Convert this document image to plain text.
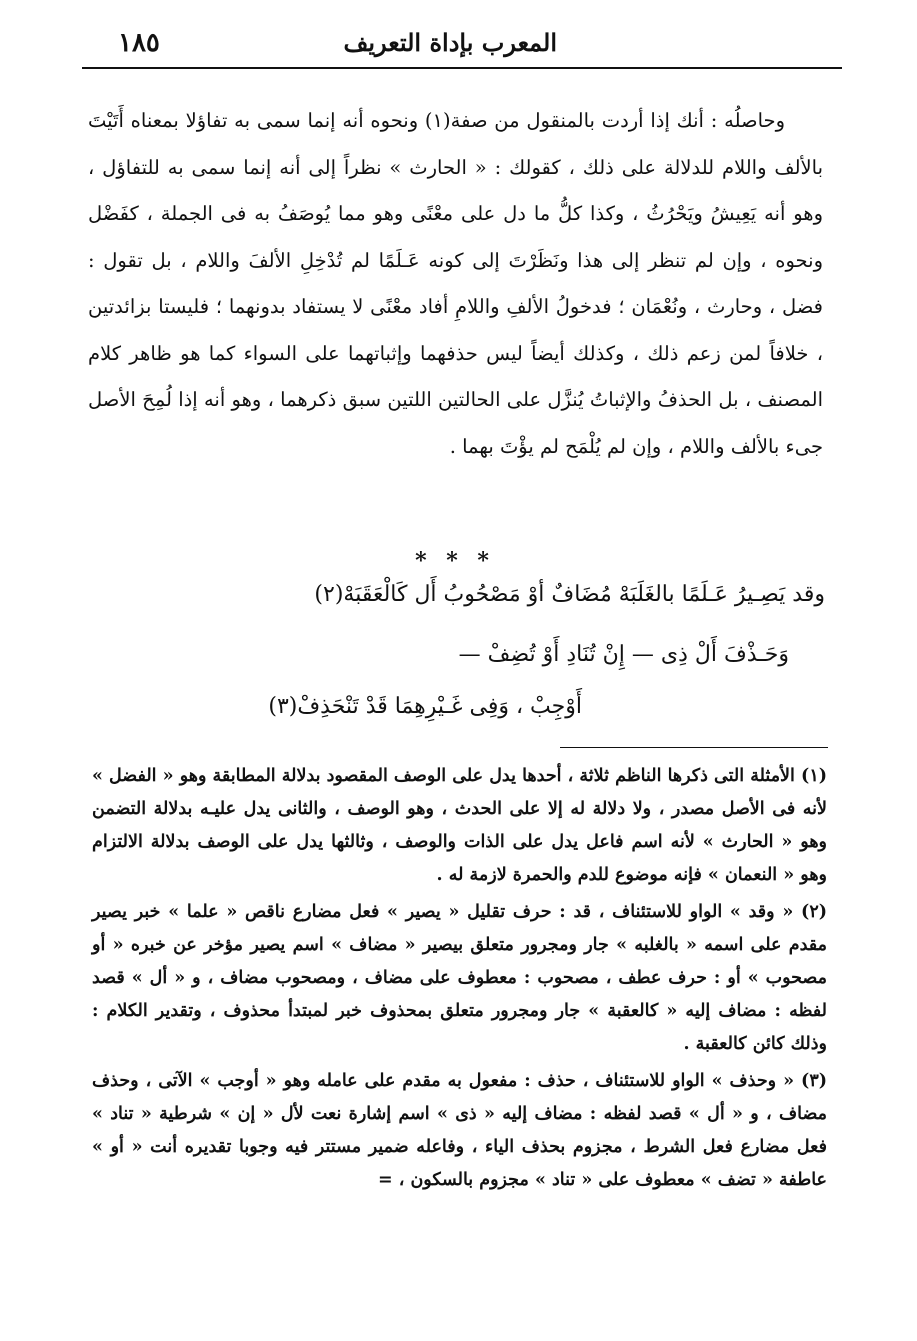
١٨٥	المعرب بإداة التعريف

وحاصلُه : أنك إذا أردت بالمنقول من صفة(١) ونحوه أنه إنما سمى به تفاؤلا بمعناه أَتَيْتَ بالألف واللام للدلالة على ذلك ، كقولك : « الحارث » نظراً إلى أنه إنما سمى به للتفاؤل ، وهو أنه يَعِيشُ ويَحْرُثُ ، وكذا كلُّ ما دل على معْنًى وهو مما يُوصَفُ به فى الجملة ، كفَضْل ونحوه ، وإن لم تنظر إلى هذا ونَظَرْتَ إلى كونه عَـلَمًا لم تُدْخِلِ الألفَ واللام ، بل تقول : فضل ، وحارث ، ونُعْمَان ؛ فدخولُ الألفِ واللامِ أفاد معْنًى لا يستفاد بدونهما ؛ فليستا بزائدتين ، خلافاً لمن زعم ذلك ، وكذلك أيضاً ليس حذفهما وإثباتهما على السواء كما هو ظاهر كلام المصنف ، بل الحذفُ والإثباتُ يُنزَّل على الحالتين اللتين سبق ذكرهما ، وهو أنه إذا لُمِحَ الأصل جىء بالألف واللام ، وإن لم يُلْمَح لم يؤْتَ بهما .

* * *
وقد يَصِـيرُ عَـلَمًا بالغَلَبَهْ مُضَافٌ أوْ مَصْحُوبُ أَل كَالْعَقَبَهْ(٢)
وَحَـذْفَ أَلْ ذِى — إِنْ تُنَادِ أَوْ تُضِفْ —
أَوْجِبْ ، وَفِى غَـيْرِهِمَا قَدْ تَنْحَذِفْ(٣)

(١) الأمثلة التى ذكرها الناظم ثلاثة ، أحدها يدل على الوصف المقصود بدلالة المطابقة وهو « الفضل » لأنه فى الأصل مصدر ، ولا دلالة له إلا على الحدث ، وهو الوصف ، والثانى يدل عليـه بدلالة التضمن وهو « الحارث » لأنه اسم فاعل يدل على الذات والوصف ، وثالثها يدل على الوصف بدلالة الالتزام وهو « النعمان » فإنه موضوع للدم والحمرة لازمة له .

(٢) « وقد » الواو للاستئناف ، قد : حرف تقليل « يصير » فعل مضارع ناقص « علما » خبر يصير مقدم على اسمه « بالغلبه » جار ومجرور متعلق بيصير « مضاف » اسم يصير مؤخر عن خبره « أو مصحوب » أو : حرف عطف ، مصحوب : معطوف على مضاف ، ومصحوب مضاف ، و « أل » قصد لفظه : مضاف إليه « كالعقبة » جار ومجرور متعلق بمحذوف خبر لمبتدأ محذوف ، وتقدير الكلام : وذلك كائن كالعقبة .

(٣) « وحذف » الواو للاستئناف ، حذف : مفعول به مقدم على عامله وهو « أوجب » الآتى ، وحذف مضاف ، و « أل » قصد لفظه : مضاف إليه « ذى » اسم إشارة نعت لأل « إن » شرطية « تناد » فعل مضارع فعل الشرط ، مجزوم بحذف الياء ، وفاعله ضمير مستتر فيه وجوبا تقديره أنت « أو » عاطفة « تضف » معطوف على « تناد » مجزوم بالسكون ، =
